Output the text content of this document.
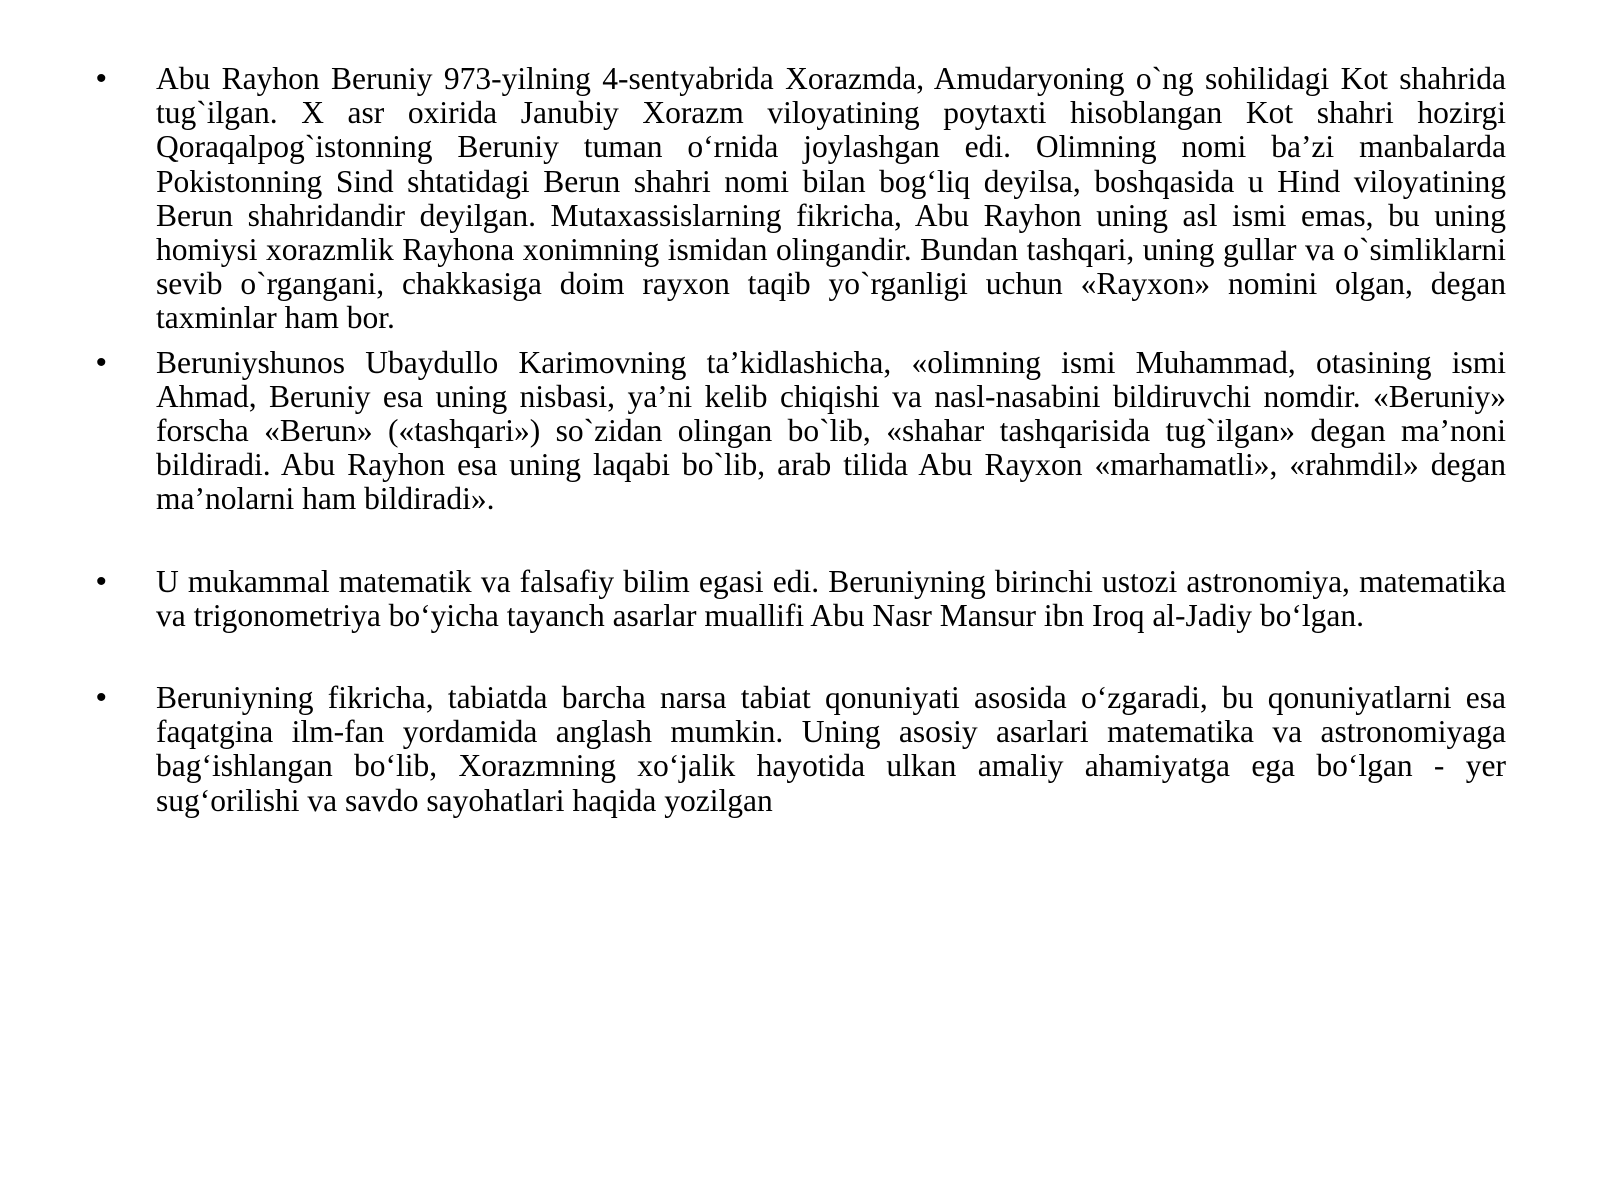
• Abu Rayhon Beruniy 973-yilning 4-sentyabrida Xorazmda, Amudaryoning o`ng sohilidagi Kot shahrida tug`ilgan. X asr oxirida Janubiy Xorazm viloyatining poytaxti hisoblangan Kot shahri hozirgi Qoraqalpog`istonning Beruniy tuman o‘rnida joylashgan edi. Olimning nomi ba’zi manbalarda Pokistonning Sind shtatidagi Berun shahri nomi bilan bog‘liq deyilsa, boshqasida u Hind viloyatining Berun shahridandir deyilgan. Mutaxassislarning fikricha, Abu Rayhon uning asl ismi emas, bu uning homiysi xorazmlik Rayhona xonimning ismidan olingandir. Bundan tashqari, uning gullar va o`simliklarni sevib o`rgangani, chakkasiga doim rayxon taqib yo`rganligi uchun «Rayxon» nomini olgan, degan taxminlar ham bor.
• Beruniyshunos Ubaydullo Karimovning ta’kidlashicha, «olimning ismi Muhammad, otasining ismi Ahmad, Beruniy esa uning nisbasi, ya’ni kelib chiqishi va nasl-nasabini bildiruvchi nomdir. «Beruniy» forscha «Berun» («tashqari») so`zidan olingan bo`lib, «shahar tashqarisida tug`ilgan» degan ma’noni bildiradi. Abu Rayhon esa uning laqabi bo`lib, arab tilida Abu Rayxon «marhamatli», «rahmdil» degan ma’nolarni ham bildiradi».
• U mukammal matematik va falsafiy bilim egasi edi. Beruniyning birinchi ustozi astronomiya, matematika va trigonometriya bo‘yicha tayanch asarlar muallifi Abu Nasr Mansur ibn Iroq al-Jadiy bo‘lgan.
• Beruniyning fikricha, tabiatda barcha narsa tabiat qonuniyati asosida o‘zgaradi, bu qonuniyatlarni esa faqatgina ilm-fan yordamida anglash mumkin. Uning asosiy asarlari matematika va astronomiyaga bag‘ishlangan bo‘lib, Xorazmning xo‘jalik hayotida ulkan amaliy ahamiyatga ega bo‘lgan - yer sug‘orilishi va savdo sayohatlari haqida yozilgan
